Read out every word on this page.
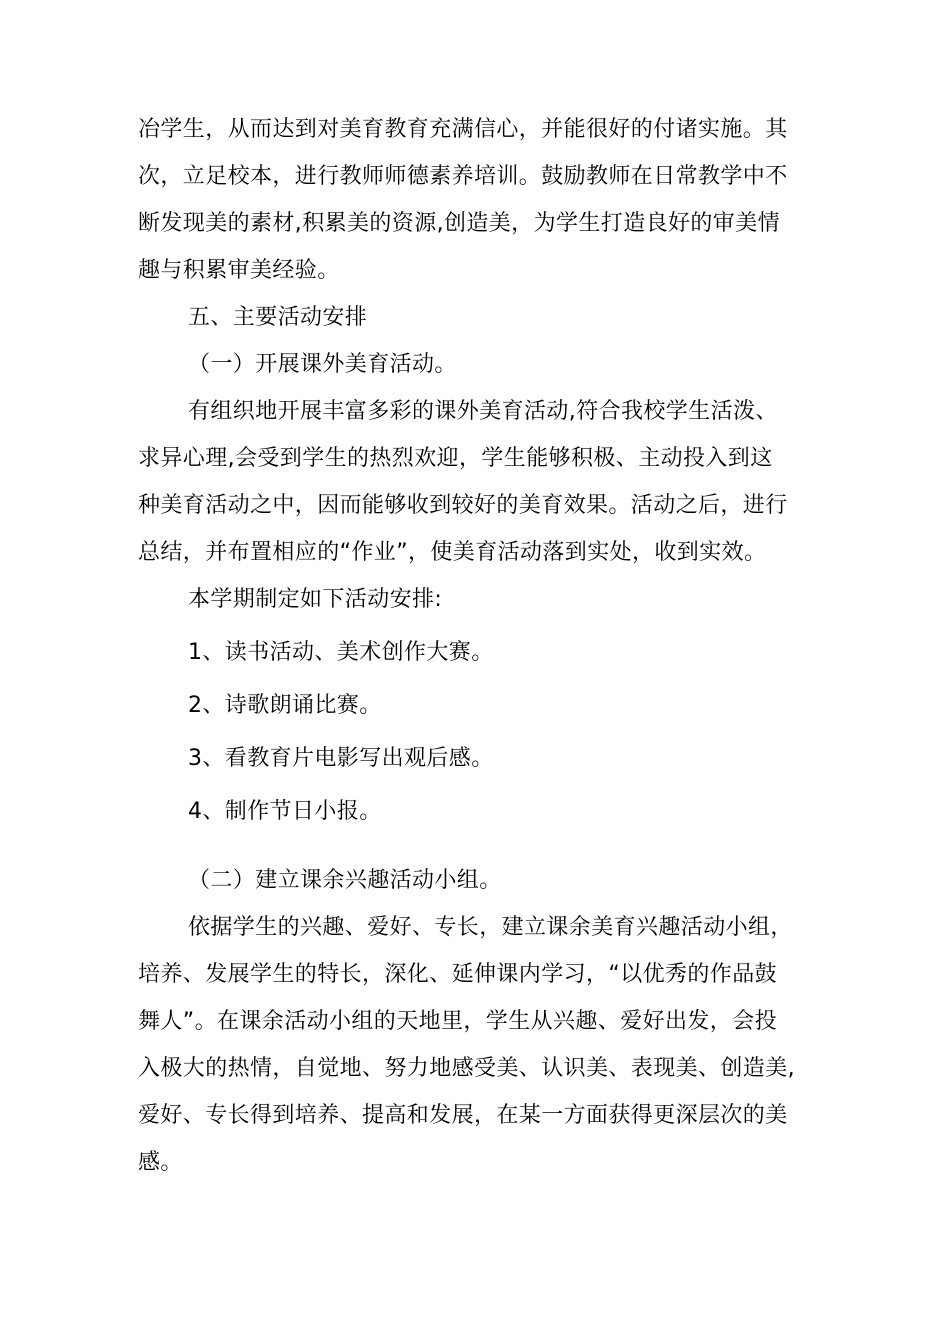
冶学生，从而达到对美育教育充满信心，并能很好的付诸实施。其
次，立足校本，进行教师师德素养培训。鼓励教师在日常教学中不
断发现美的素材,积累美的资源,创造美，为学生打造良好的审美情
趣与积累审美经验。
五、主要活动安排
（一）开展课外美育活动。
有组织地开展丰富多彩的课外美育活动,符合我校学生活泼、
求异心理,会受到学生的热烈欢迎，学生能够积极、主动投入到这
种美育活动之中，因而能够收到较好的美育效果。活动之后，进行
总结，并布置相应的“作业”，使美育活动落到实处，收到实效。
本学期制定如下活动安排:
1、读书活动、美术创作大赛。
2、诗歌朗诵比赛。
3、看教育片电影写出观后感。
4、制作节日小报。
（二）建立课余兴趣活动小组。
依据学生的兴趣、爱好、专长，建立课余美育兴趣活动小组，
培养、发展学生的特长，深化、延伸课内学习，“以优秀的作品鼓
舞人”。在课余活动小组的天地里，学生从兴趣、爱好出发，会投
入极大的热情，自觉地、努力地感受美、认识美、表现美、创造美,
爱好、专长得到培养、提高和发展，在某一方面获得更深层次的美
感。
